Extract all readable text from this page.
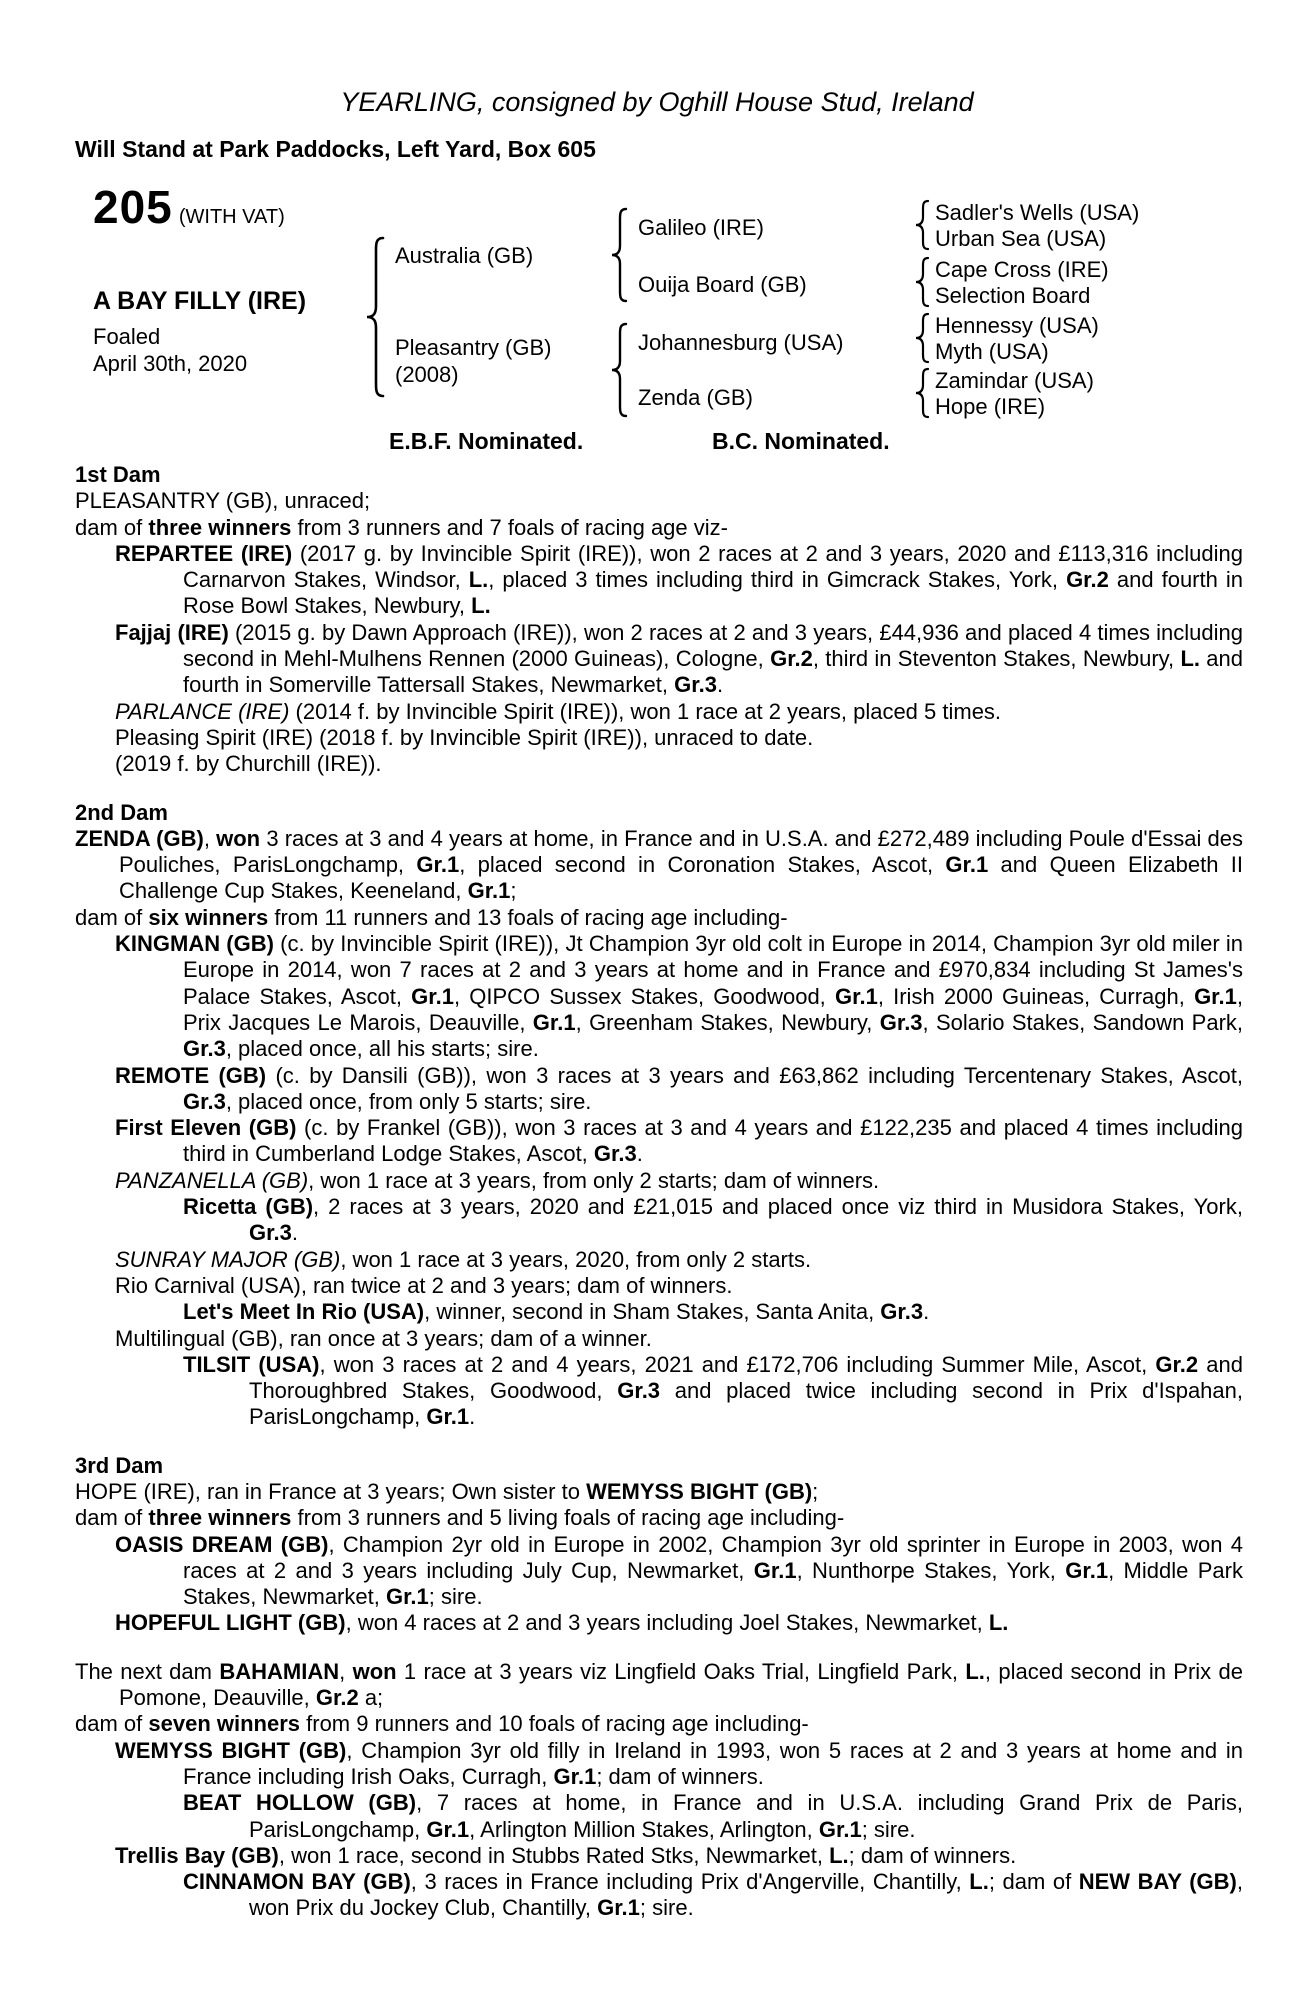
YEARLING, consigned by Oghill House Stud, Ireland
Will Stand at Park Paddocks, Left Yard, Box 605
205 (WITH VAT)
A BAY FILLY (IRE)
Foaled
April 30th, 2020
Australia (GB)
Pleasantry (GB)
(2008)
Galileo (IRE)
Ouija Board (GB)
Johannesburg (USA)
Zenda (GB)
Sadler's Wells (USA)
Urban Sea (USA)
Cape Cross (IRE)
Selection Board
Hennessy (USA)
Myth (USA)
Zamindar (USA)
Hope (IRE)
E.B.F. Nominated.	B.C. Nominated.

1st Dam

PLEASANTRY (GB), unraced;

dam of three winners from 3 runners and 7 foals of racing age viz-

REPARTEE (IRE) (2017 g. by Invincible Spirit (IRE)), won 2 races at 2 and 3 years, 2020 and £113,316 including Carnarvon Stakes, Windsor, L., placed 3 times including third in Gimcrack Stakes, York, Gr.2 and fourth in Rose Bowl Stakes, Newbury, L.

Fajjaj (IRE) (2015 g. by Dawn Approach (IRE)), won 2 races at 2 and 3 years, £44,936 and placed 4 times including second in Mehl-Mulhens Rennen (2000 Guineas), Cologne, Gr.2, third in Steventon Stakes, Newbury, L. and fourth in Somerville Tattersall Stakes, Newmarket, Gr.3.

PARLANCE (IRE) (2014 f. by Invincible Spirit (IRE)), won 1 race at 2 years, placed 5 times.

Pleasing Spirit (IRE) (2018 f. by Invincible Spirit (IRE)), unraced to date.

(2019 f. by Churchill (IRE)).

2nd Dam

ZENDA (GB), won 3 races at 3 and 4 years at home, in France and in U.S.A. and £272,489 including Poule d'Essai des Pouliches, ParisLongchamp, Gr.1, placed second in Coronation Stakes, Ascot, Gr.1 and Queen Elizabeth II Challenge Cup Stakes, Keeneland, Gr.1;

dam of six winners from 11 runners and 13 foals of racing age including-

KINGMAN (GB) (c. by Invincible Spirit (IRE)), Jt Champion 3yr old colt in Europe in 2014, Champion 3yr old miler in Europe in 2014, won 7 races at 2 and 3 years at home and in France and £970,834 including St James's Palace Stakes, Ascot, Gr.1, QIPCO Sussex Stakes, Goodwood, Gr.1, Irish 2000 Guineas, Curragh, Gr.1, Prix Jacques Le Marois, Deauville, Gr.1, Greenham Stakes, Newbury, Gr.3, Solario Stakes, Sandown Park, Gr.3, placed once, all his starts; sire.

REMOTE (GB) (c. by Dansili (GB)), won 3 races at 3 years and £63,862 including Tercentenary Stakes, Ascot, Gr.3, placed once, from only 5 starts; sire.

First Eleven (GB) (c. by Frankel (GB)), won 3 races at 3 and 4 years and £122,235 and placed 4 times including third in Cumberland Lodge Stakes, Ascot, Gr.3.

PANZANELLA (GB), won 1 race at 3 years, from only 2 starts; dam of winners.

Ricetta (GB), 2 races at 3 years, 2020 and £21,015 and placed once viz third in Musidora Stakes, York, Gr.3.

SUNRAY MAJOR (GB), won 1 race at 3 years, 2020, from only 2 starts.

Rio Carnival (USA), ran twice at 2 and 3 years; dam of winners.

Let's Meet In Rio (USA), winner, second in Sham Stakes, Santa Anita, Gr.3.

Multilingual (GB), ran once at 3 years; dam of a winner.

TILSIT (USA), won 3 races at 2 and 4 years, 2021 and £172,706 including Summer Mile, Ascot, Gr.2 and Thoroughbred Stakes, Goodwood, Gr.3 and placed twice including second in Prix d'Ispahan, ParisLongchamp, Gr.1.

3rd Dam

HOPE (IRE), ran in France at 3 years; Own sister to WEMYSS BIGHT (GB);

dam of three winners from 3 runners and 5 living foals of racing age including-

OASIS DREAM (GB), Champion 2yr old in Europe in 2002, Champion 3yr old sprinter in Europe in 2003, won 4 races at 2 and 3 years including July Cup, Newmarket, Gr.1, Nunthorpe Stakes, York, Gr.1, Middle Park Stakes, Newmarket, Gr.1; sire.

HOPEFUL LIGHT (GB), won 4 races at 2 and 3 years including Joel Stakes, Newmarket, L.

The next dam BAHAMIAN, won 1 race at 3 years viz Lingfield Oaks Trial, Lingfield Park, L., placed second in Prix de Pomone, Deauville, Gr.2 a;

dam of seven winners from 9 runners and 10 foals of racing age including-

WEMYSS BIGHT (GB), Champion 3yr old filly in Ireland in 1993, won 5 races at 2 and 3 years at home and in France including Irish Oaks, Curragh, Gr.1; dam of winners.

BEAT HOLLOW (GB), 7 races at home, in France and in U.S.A. including Grand Prix de Paris, ParisLongchamp, Gr.1, Arlington Million Stakes, Arlington, Gr.1; sire.

Trellis Bay (GB), won 1 race, second in Stubbs Rated Stks, Newmarket, L.; dam of winners.

CINNAMON BAY (GB), 3 races in France including Prix d'Angerville, Chantilly, L.; dam of NEW BAY (GB), won Prix du Jockey Club, Chantilly, Gr.1; sire.
